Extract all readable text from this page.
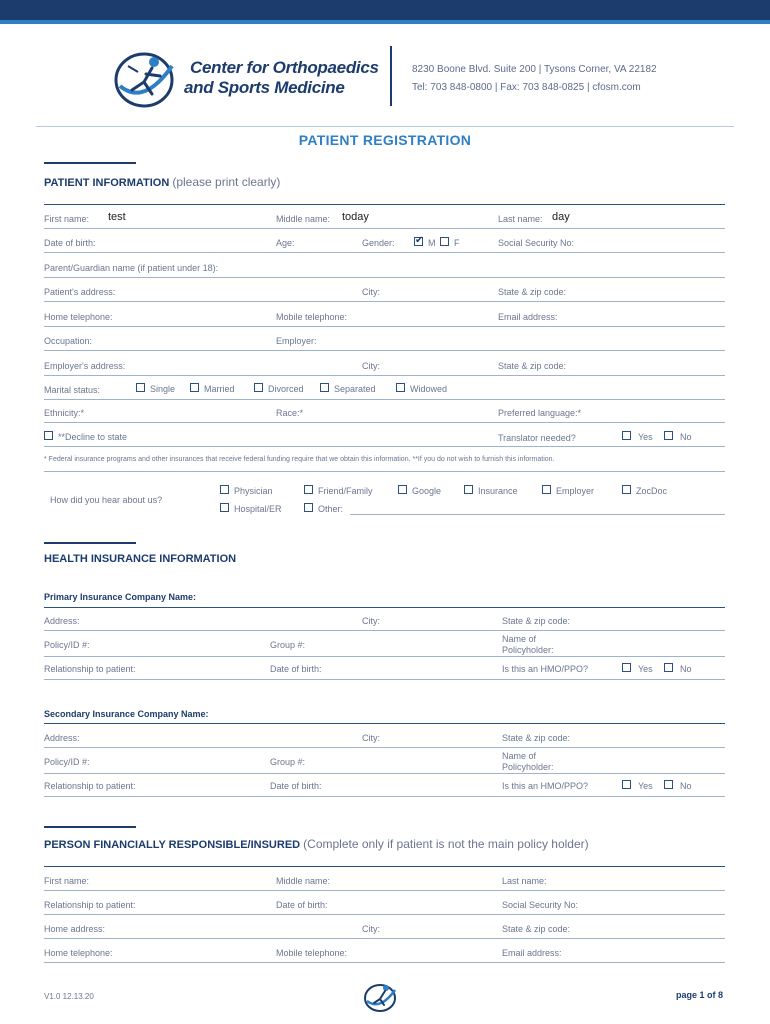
Center for Orthopaedics
and Sports Medicine
8230 Boone Blvd. Suite 200 | Tysons Corner, VA 22182
Tel: 703 848-0800 | Fax: 703 848-0825 | cfosm.com
PATIENT REGISTRATION
PATIENT INFORMATION (please print clearly)
First name: test	Middle name: today	Last name: day
Date of birth:	Age:	Gender:
✔	M F	Social Security No:
Parent/Guardian name (if patient under 18):
Patient's address:	City:	State & zip code:
Home telephone:	Mobile telephone:	Email address:
Occupation:	Employer:
Employer's address:	City:	State & zip code:
Marital status:	Single	Married	Divorced	Separated	Widowed
Ethnicity:*	Race:*	Preferred language:*
**Decline to state	Translator needed?	Yes	No
* Federal insurance programs and other insurances that receive federal funding require that we obtain this information. **If you do not wish to furnish this information.
How did you hear about us?
Physician	Friend/Family	Google	Insurance	Employer	ZocDoc
Hospital/ER	Other:
HEALTH INSURANCE INFORMATION
Primary Insurance Company Name:
Address:	City:	State & zip code:
Policy/ID #:	Group #:
Name of
Policyholder:
Relationship to patient:	Date of birth:	Is this an HMO/PPO?	Yes	No
Secondary Insurance Company Name:
Address:	City:	State & zip code:
Policy/ID #:	Group #:
Name of
Policyholder:
Relationship to patient:	Date of birth:	Is this an HMO/PPO?	Yes	No
PERSON FINANCIALLY RESPONSIBLE/INSURED (Complete only if patient is not the main policy holder)
First name:	Middle name:	Last name:
Relationship to patient:	Date of birth:	Social Security No:
Home address:	City:	State & zip code:
Home telephone:	Mobile telephone:	Email address:
V1.0 12.13.20	page 1 of 8
